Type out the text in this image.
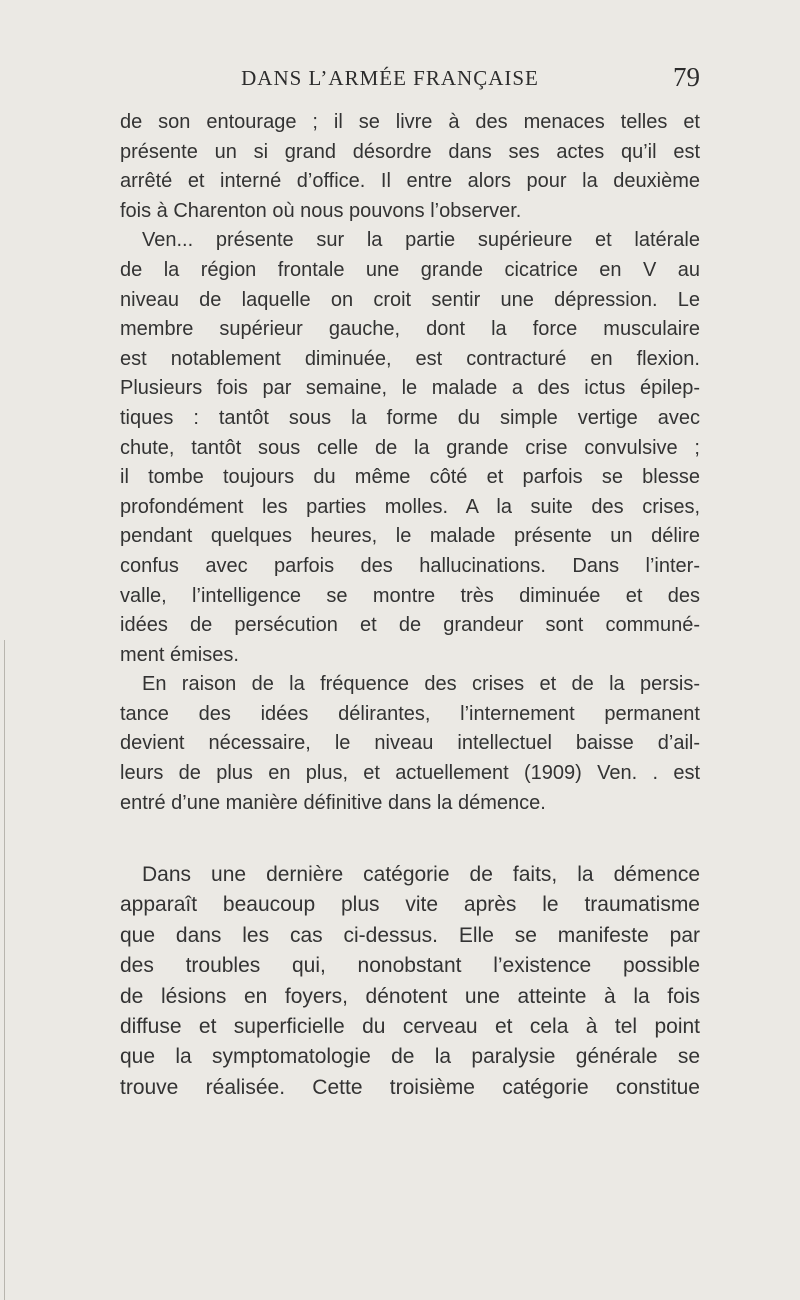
DANS L’ARMÉE FRANÇAISE	79
de son entourage ; il se livre à des menaces telles et
présente un si grand désordre dans ses actes qu’il est
arrêté et interné d’office. Il entre alors pour la deuxième
fois à Charenton où nous pouvons l’observer.
Ven... présente sur la partie supérieure et latérale
de la région frontale une grande cicatrice en V au
niveau de laquelle on croit sentir une dépression. Le
membre supérieur gauche, dont la force musculaire
est notablement diminuée, est contracturé en flexion.
Plusieurs fois par semaine, le malade a des ictus épilep-
tiques : tantôt sous la forme du simple vertige avec
chute, tantôt sous celle de la grande crise convulsive ;
il tombe toujours du même côté et parfois se blesse
profondément les parties molles. A la suite des crises,
pendant quelques heures, le malade présente un délire
confus avec parfois des hallucinations. Dans l’inter-
valle, l’intelligence se montre très diminuée et des
idées de persécution et de grandeur sont communé-
ment émises.
En raison de la fréquence des crises et de la persis-
tance des idées délirantes, l’internement permanent
devient nécessaire, le niveau intellectuel baisse d’ail-
leurs de plus en plus, et actuellement (1909) Ven. . est
entré d’une manière définitive dans la démence.
Dans une dernière catégorie de faits, la démence
apparaît beaucoup plus vite après le traumatisme
que dans les cas ci-dessus. Elle se manifeste par
des troubles qui, nonobstant l’existence possible
de lésions en foyers, dénotent une atteinte à la fois
diffuse et superficielle du cerveau et cela à tel point
que la symptomatologie de la paralysie générale se
trouve réalisée. Cette troisième catégorie constitue
